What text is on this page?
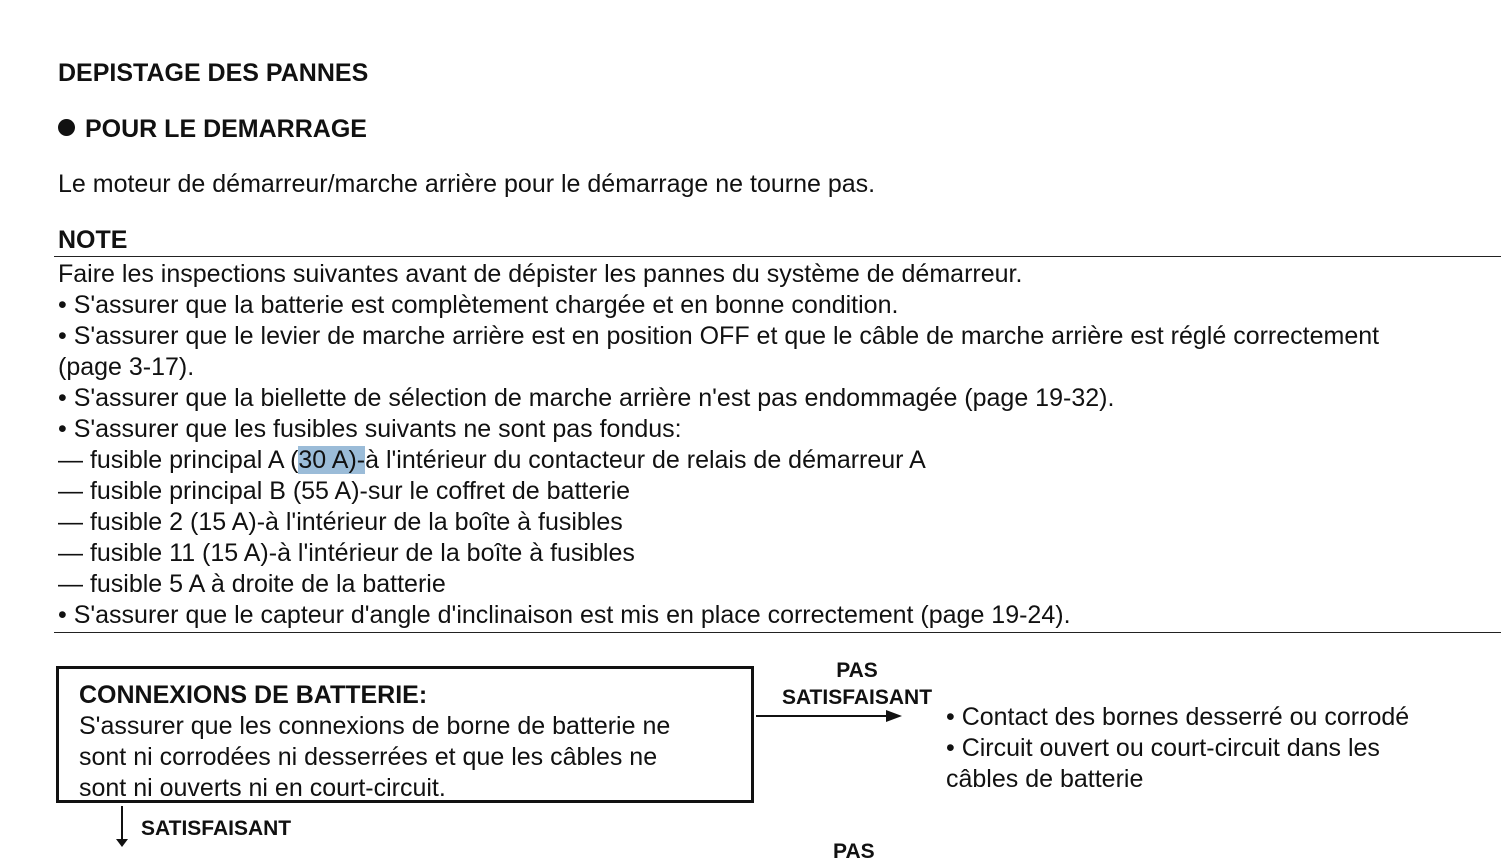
DEPISTAGE DES PANNES
POUR LE DEMARRAGE
Le moteur de démarreur/marche arrière pour le démarrage ne tourne pas.
NOTE
Faire les inspections suivantes avant de dépister les pannes du système de démarreur.
• S'assurer que la batterie est complètement chargée et en bonne condition.
• S'assurer que le levier de marche arrière est en position OFF et que le câble de marche arrière est réglé correctement
(page 3-17).
• S'assurer que la biellette de sélection de marche arrière n'est pas endommagée (page 19-32).
• S'assurer que les fusibles suivants ne sont pas fondus:
— fusible principal A (30 A)-à l'intérieur du contacteur de relais de démarreur A
— fusible principal B (55 A)-sur le coffret de batterie
— fusible 2 (15 A)-à l'intérieur de la boîte à fusibles
— fusible 11 (15 A)-à l'intérieur de la boîte à fusibles
— fusible 5 A à droite de la batterie
• S'assurer que le capteur d'angle d'inclinaison est mis en place correctement (page 19-24).
CONNEXIONS DE BATTERIE:
S'assurer que les connexions de borne de batterie ne
sont ni corrodées ni desserrées et que les câbles ne
sont ni ouverts ni en court-circuit.
PAS
SATISFAISANT
• Contact des bornes desserré ou corrodé
• Circuit ouvert ou court-circuit dans les
câbles de batterie
SATISFAISANT
PAS
